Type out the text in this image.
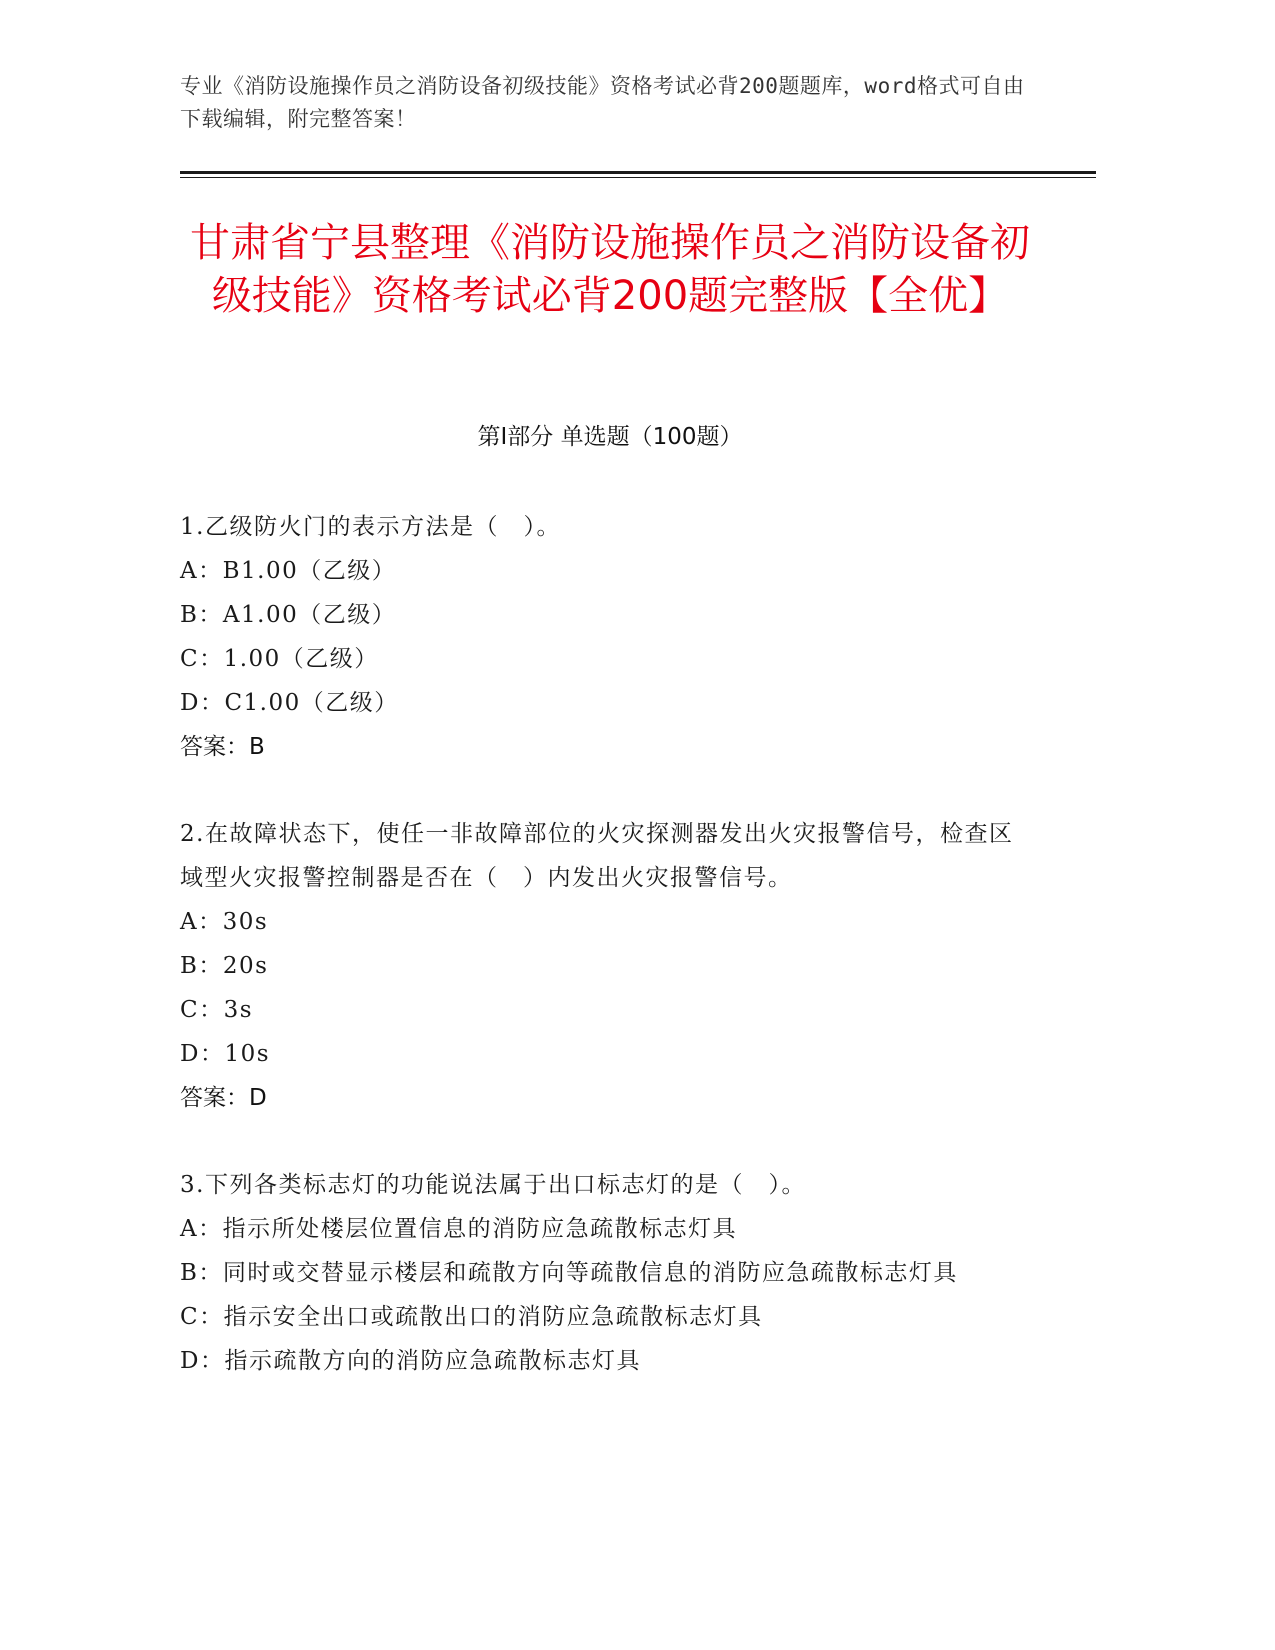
专业《消防设施操作员之消防设备初级技能》资格考试必背200题题库，word格式可自由下载编辑，附完整答案！
甘肃省宁县整理《消防设施操作员之消防设备初级技能》资格考试必背200题完整版【全优】
第I部分 单选题（100题）

1.乙级防火门的表示方法是（　）。

A：B1.00（乙级）

B：A1.00（乙级）

C：1.00（乙级）

D：C1.00（乙级）

答案：B

2.在故障状态下，使任一非故障部位的火灾探测器发出火灾报警信号，检查区域型火灾报警控制器是否在（　）内发出火灾报警信号。

A：30s

B：20s

C：3s

D：10s

答案：D

3.下列各类标志灯的功能说法属于出口标志灯的是（　）。

A：指示所处楼层位置信息的消防应急疏散标志灯具

B：同时或交替显示楼层和疏散方向等疏散信息的消防应急疏散标志灯具

C：指示安全出口或疏散出口的消防应急疏散标志灯具

D：指示疏散方向的消防应急疏散标志灯具
